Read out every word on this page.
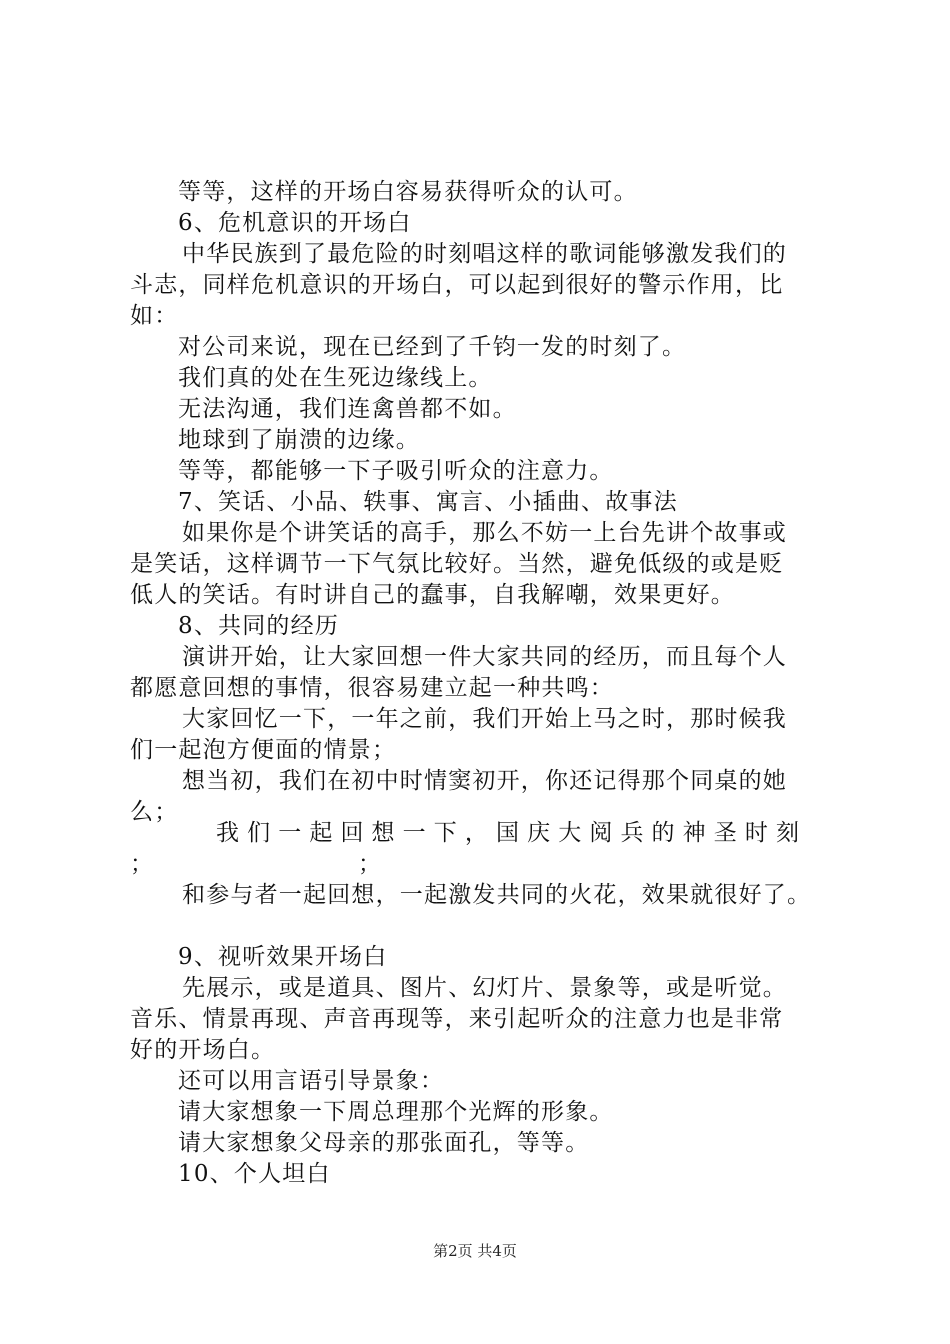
等等，这样的开场白容易获得听众的认可。
6、危机意识的开场白
中华民族到了最危险的时刻唱这样的歌词能够激发我们的
斗志，同样危机意识的开场白，可以起到很好的警示作用，比
如：
对公司来说，现在已经到了千钧一发的时刻了。
我们真的处在生死边缘线上。
无法沟通，我们连禽兽都不如。
地球到了崩溃的边缘。
等等，都能够一下子吸引听众的注意力。
7、笑话、小品、轶事、寓言、小插曲、故事法
如果你是个讲笑话的高手，那么不妨一上台先讲个故事或
是笑话，这样调节一下气氛比较好。当然，避免低级的或是贬
低人的笑话。有时讲自己的蠢事，自我解嘲，效果更好。
8、共同的经历
演讲开始，让大家回想一件大家共同的经历，而且每个人
都愿意回想的事情，很容易建立起一种共鸣：
大家回忆一下，一年之前，我们开始上马之时，那时候我
们一起泡方便面的情景；
想当初，我们在初中时情窦初开，你还记得那个同桌的她
么；
我 们 一 起 回 想 一 下 ， 国 庆 大 阅 兵 的 神 圣 时 刻
；	；
和参与者一起回想，一起激发共同的火花，效果就很好了。
9、视听效果开场白
先展示，或是道具、图片、幻灯片、景象等，或是听觉。
音乐、情景再现、声音再现等，来引起听众的注意力也是非常
好的开场白。
还可以用言语引导景象：
请大家想象一下周总理那个光辉的形象。
请大家想象父母亲的那张面孔，等等。
10、个人坦白
第2页 共4页
